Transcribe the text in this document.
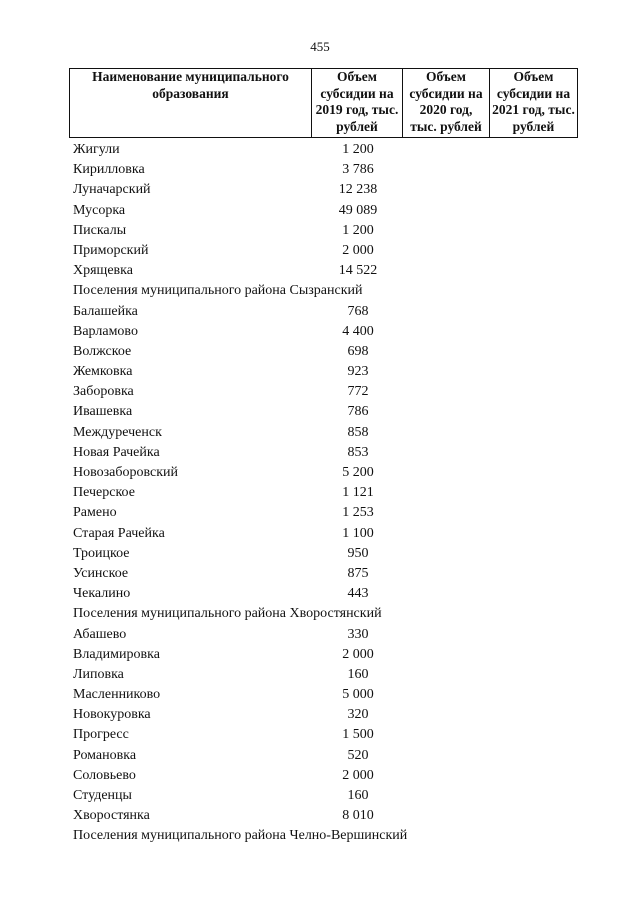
455
Наименование муниципального образования	Объем субсидии на 2019 год, тыс. рублей	Объем субсидии на 2020 год, тыс. рублей	Объем субсидии на 2021 год, тыс. рублей
Жигули	1 200
Кирилловка	3 786
Луначарский	12 238
Мусорка	49 089
Пискалы	1 200
Приморский	2 000
Хрящевка	14 522
Поселения муниципального района Сызранский
Балашейка	768
Варламово	4 400
Волжское	698
Жемковка	923
Заборовка	772
Ивашевка	786
Междуреченск	858
Новая Рачейка	853
Новозаборовский	5 200
Печерское	1 121
Рамено	1 253
Старая Рачейка	1 100
Троицкое	950
Усинское	875
Чекалино	443
Поселения муниципального района Хворостянский
Абашево	330
Владимировка	2 000
Липовка	160
Масленниково	5 000
Новокуровка	320
Прогресс	1 500
Романовка	520
Соловьево	2 000
Студенцы	160
Хворостянка	8 010
Поселения муниципального района Челно-Вершинский
